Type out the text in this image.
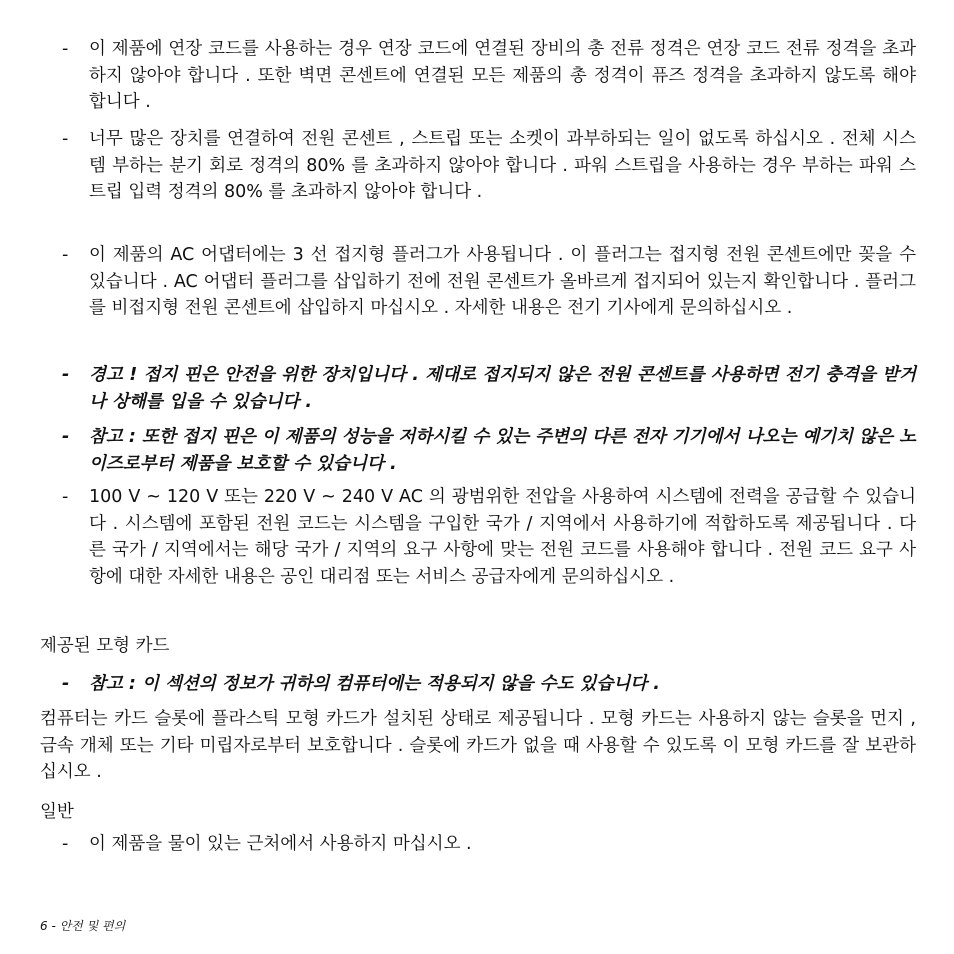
-	이 제품에 연장 코드를 사용하는 경우 연장 코드에 연결된 장비의 총 전류 정격은 연장 코드 전류 정격을 초과하지 않아야 합니다 . 또한 벽면 콘센트에 연결된 모든 제품의 총 정격이 퓨즈 정격을 초과하지 않도록 해야 합니다 .
-	너무 많은 장치를 연결하여 전원 콘센트 , 스트립 또는 소켓이 과부하되는 일이 없도록 하십시오 . 전체 시스템 부하는 분기 회로 정격의 80% 를 초과하지 않아야 합니다 . 파워 스트립을 사용하는 경우 부하는 파워 스트립 입력 정격의 80% 를 초과하지 않아야 합니다 .
-	이 제품의 AC 어댑터에는 3 선 접지형 플러그가 사용됩니다 . 이 플러그는 접지형 전원 콘센트에만 꽂을 수 있습니다 . AC 어댑터 플러그를 삽입하기 전에 전원 콘센트가 올바르게 접지되어 있는지 확인합니다 . 플러그를 비접지형 전원 콘센트에 삽입하지 마십시오 . 자세한 내용은 전기 기사에게 문의하십시오 .
-	경고 ! 접지 핀은 안전을 위한 장치입니다 . 제대로 접지되지 않은 전원 콘센트를 사용하면 전기 충격을 받거나 상해를 입을 수 있습니다 .
-	참고 : 또한 접지 핀은 이 제품의 성능을 저하시킬 수 있는 주변의 다른 전자 기기에서 나오는 예기치 않은 노이즈로부터 제품을 보호할 수 있습니다 .
-	100 V ~ 120 V 또는 220 V ~ 240 V AC 의 광범위한 전압을 사용하여 시스템에 전력을 공급할 수 있습니다 . 시스템에 포함된 전원 코드는 시스템을 구입한 국가 / 지역에서 사용하기에 적합하도록 제공됩니다 . 다른 국가 / 지역에서는 해당 국가 / 지역의 요구 사항에 맞는 전원 코드를 사용해야 합니다 . 전원 코드 요구 사항에 대한 자세한 내용은 공인 대리점 또는 서비스 공급자에게 문의하십시오 .
제공된 모형 카드
-	참고 : 이 섹션의 정보가 귀하의 컴퓨터에는 적용되지 않을 수도 있습니다 .
컴퓨터는 카드 슬롯에 플라스틱 모형 카드가 설치된 상태로 제공됩니다 . 모형 카드는 사용하지 않는 슬롯을 먼지 , 금속 개체 또는 기타 미립자로부터 보호합니다 . 슬롯에 카드가 없을 때 사용할 수 있도록 이 모형 카드를 잘 보관하십시오 .
일반
-	이 제품을 물이 있는 근처에서 사용하지 마십시오 .
6 - 안전 및 편의
